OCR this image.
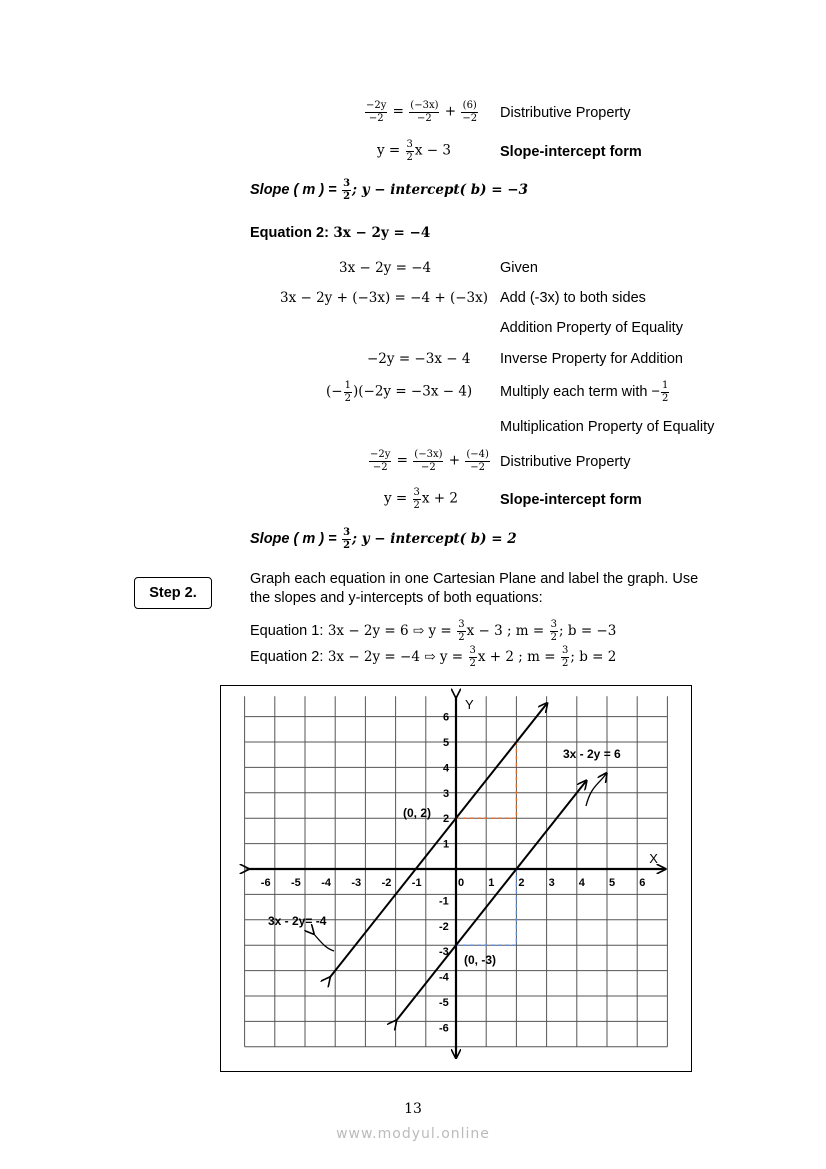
$\frac{-2y}{-2} = \frac{(-3x)}{-2} + \frac{(6)}{-2}$ Distributive Property
$y = \frac{3}{2}$ x − 3	Slope-intercept form
Slope ( m ) = $\frac{3}{2}$ ; y − intercept( b) = −3
Equation 2: 3x − 2y = −4
3x − 2y = −4	Given
3x − 2y + (−3x) = −4 + (−3x) Add (-3x) to both sides
Addition Property of Equality
−2y = −3x − 4 Inverse Property for Addition
(− $\frac{1}{2} )(-2y = -3x - 4)$ Multiply each term with − $\frac{1}{2}$
Multiplication Property of Equality
$\frac{-2y}{-2} = \frac{(-3x)}{-2} + \frac{(-4)}{-2}$ Distributive Property
$y = \frac{3}{2}$ x + 2	Slope-intercept form
Slope ( m ) = $\frac{3}{2}$ ; y − intercept( b) = 2
Step 2.
Graph each equation in one Cartesian Plane and label the graph. Use
the slopes and y-intercepts of both equations:
Equation 1: 3x − 2y = 6 ⇨ $y = \frac{3}{2}$ x − 3 ; $m = \frac{3}{2}$ ; b = −3
Equation 2: 3x − 2y = −4 ⇨ $y = \frac{3}{2}$ x + 2 ; $m = \frac{3}{2}$ ; b = 2
X
Y
-6 -5 -4 -3 -2 -1	0 1 2 3 4 5 6
-6
-5
-4
-3
-2
-1
1
2
3
4
5
6
(0, 2)
(0, -3)
3x - 2y = 6
3x - 2y= -4
13
www.modyul.online
